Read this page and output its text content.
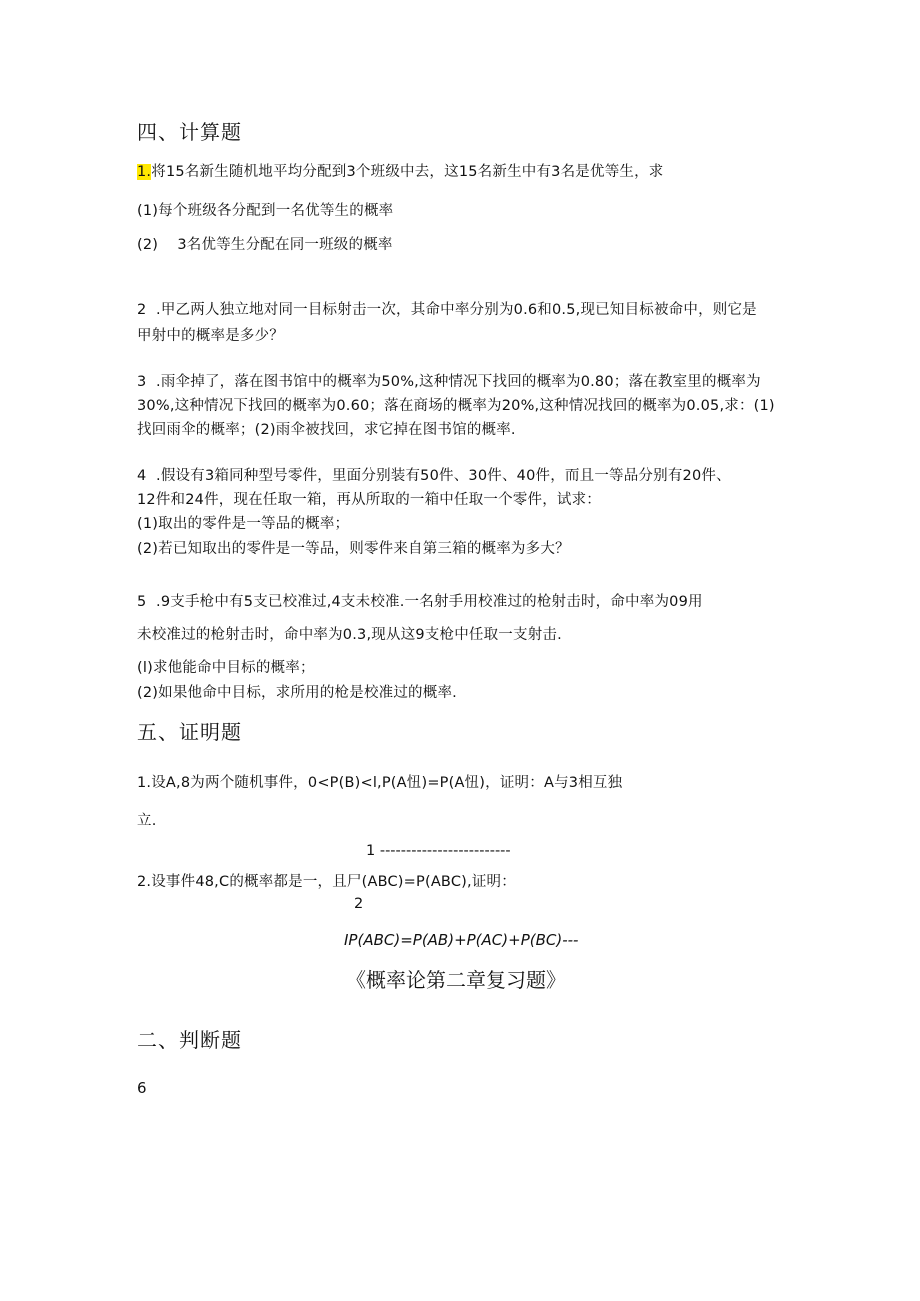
四、计算题
1.将15名新生随机地平均分配到3个班级中去，这15名新生中有3名是优等生，求
(1)每个班级各分配到一名优等生的概率
(2)    3名优等生分配在同一班级的概率
2  .甲乙两人独立地对同一目标射击一次，其命中率分别为0.6和0.5,现已知目标被命中，则它是
甲射中的概率是多少？
3  .雨伞掉了，落在图书馆中的概率为50%,这种情况下找回的概率为0.80；落在教室里的概率为
30%,这种情况下找回的概率为0.60；落在商场的概率为20%,这种情况找回的概率为0.05,求：(1)
找回雨伞的概率；(2)雨伞被找回，求它掉在图书馆的概率.
4  .假设有3箱同种型号零件，里面分别装有50件、30件、40件，而且一等品分别有20件、
12件和24件，现在任取一箱，再从所取的一箱中任取一个零件，试求：
(1)取出的零件是一等品的概率；
(2)若已知取出的零件是一等品，则零件来自第三箱的概率为多大？
5  .9支手枪中有5支已校准过,4支未校准.一名射手用校准过的枪射击时，命中率为09用
未校准过的枪射击时，命中率为0.3,现从这9支枪中任取一支射击.
(l)求他能命中目标的概率；
(2)如果他命中目标，求所用的枪是校准过的概率.
五、证明题
1.设A,8为两个随机事件，0<P(B)<l,P(A忸)=P(A忸)，证明：A与3相互独
立.
1 -------------------------
2.设事件48,C的概率都是一，且尸(ABC)=P(ABC),证明：
2
IP(ABC)=P(AB)+P(AC)+P(BC)---
《概率论第二章复习题》
二、判断题
6
